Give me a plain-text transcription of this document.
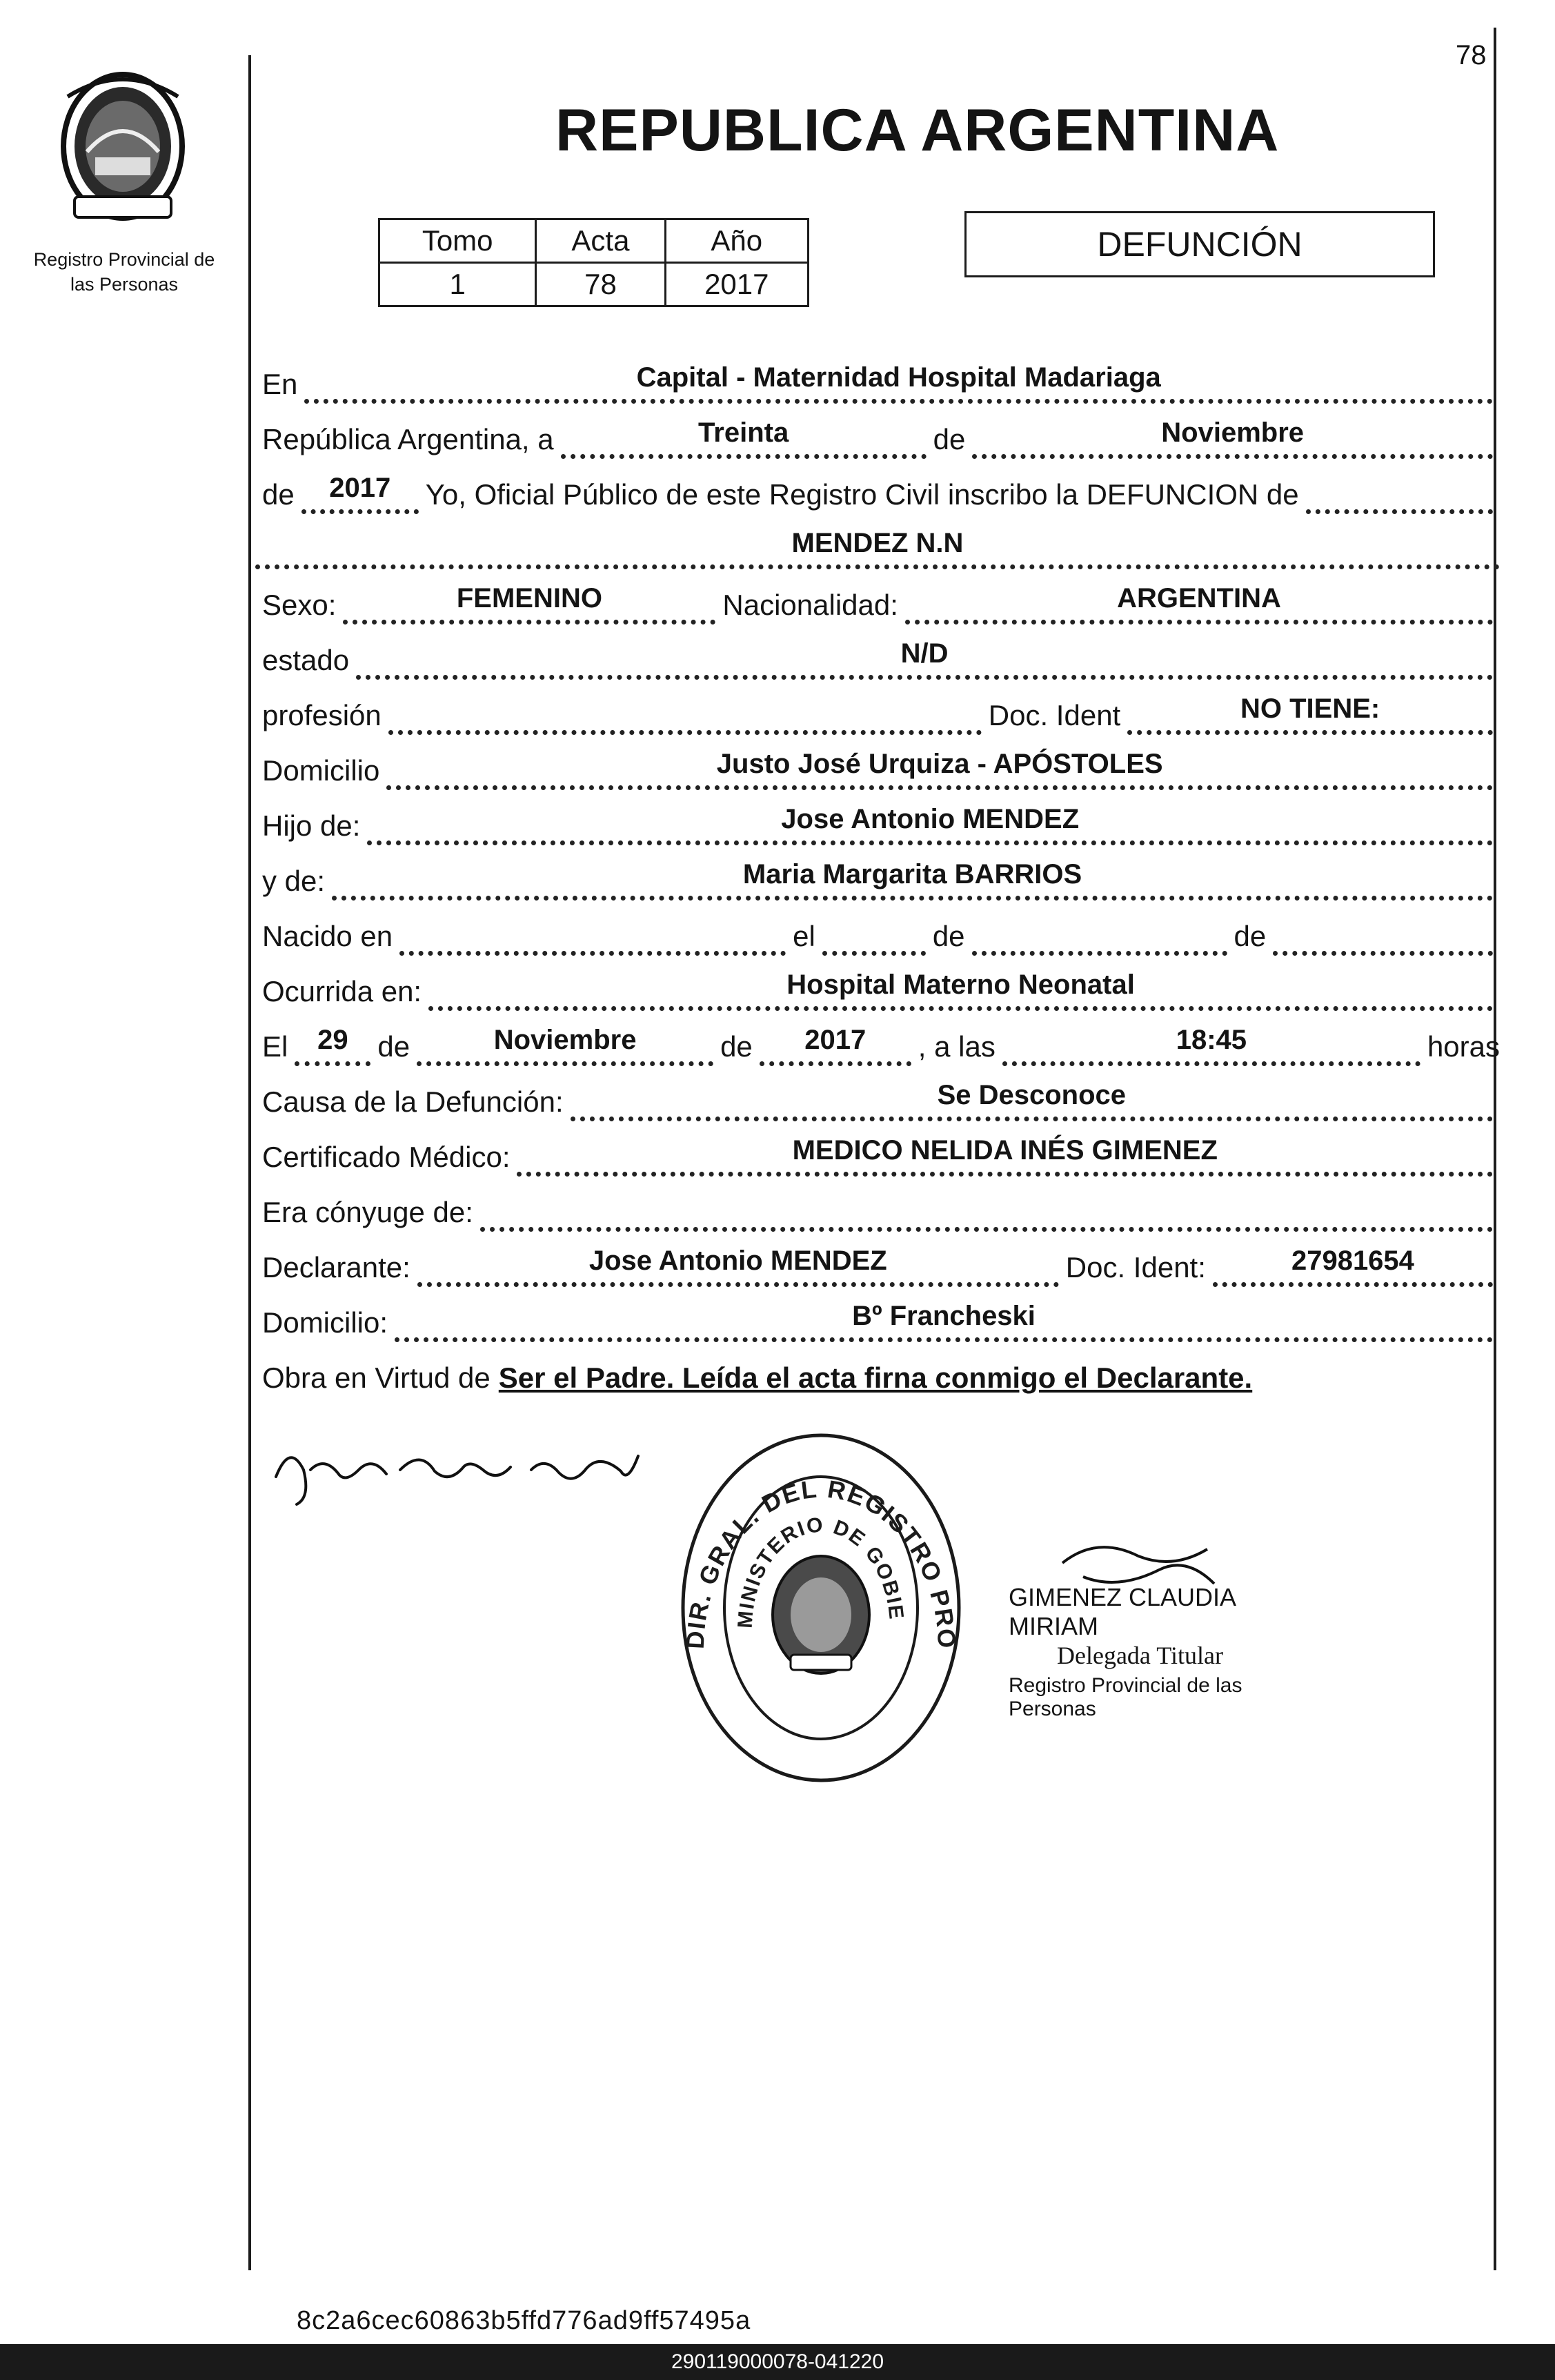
78
Registro Provincial de
las Personas
REPUBLICA ARGENTINA
Tomo	Acta	Año
1	78	2017
DEFUNCIÓN
En	Capital - Maternidad Hospital Madariaga
República Argentina, a	Treinta	de	Noviembre
de	2017	Yo, Oficial Público de este Registro Civil inscribo la DEFUNCION de
MENDEZ N.N
Sexo:	FEMENINO	Nacionalidad:	ARGENTINA
estado	N/D
profesión	Doc. Ident	NO TIENE:
Domicilio	Justo José Urquiza - APÓSTOLES
Hijo de:	Jose Antonio MENDEZ
y de:	Maria Margarita BARRIOS
Nacido en	el	de	de
Ocurrida en:	Hospital Materno Neonatal
El	29	de	Noviembre	de	2017	, a las	18:45	horas
Causa de la Defunción:	Se Desconoce
Certificado Médico:	MEDICO NELIDA INÉS GIMENEZ
Era cónyuge de:
Declarante:	Jose Antonio MENDEZ	Doc. Ident:	27981654
Domicilio:	Bº Francheski
Obra en Virtud de Ser el Padre. Leída el acta firna conmigo el Declarante.
DIR. GRAL. DEL REGISTRO PRO
MINISTERIO DE GOBIE
GIMENEZ CLAUDIA MIRIAM
Delegada Titular
Registro Provincial de las Personas
8c2a6cec60863b5ffd776ad9ff57495a
290119000078-041220
